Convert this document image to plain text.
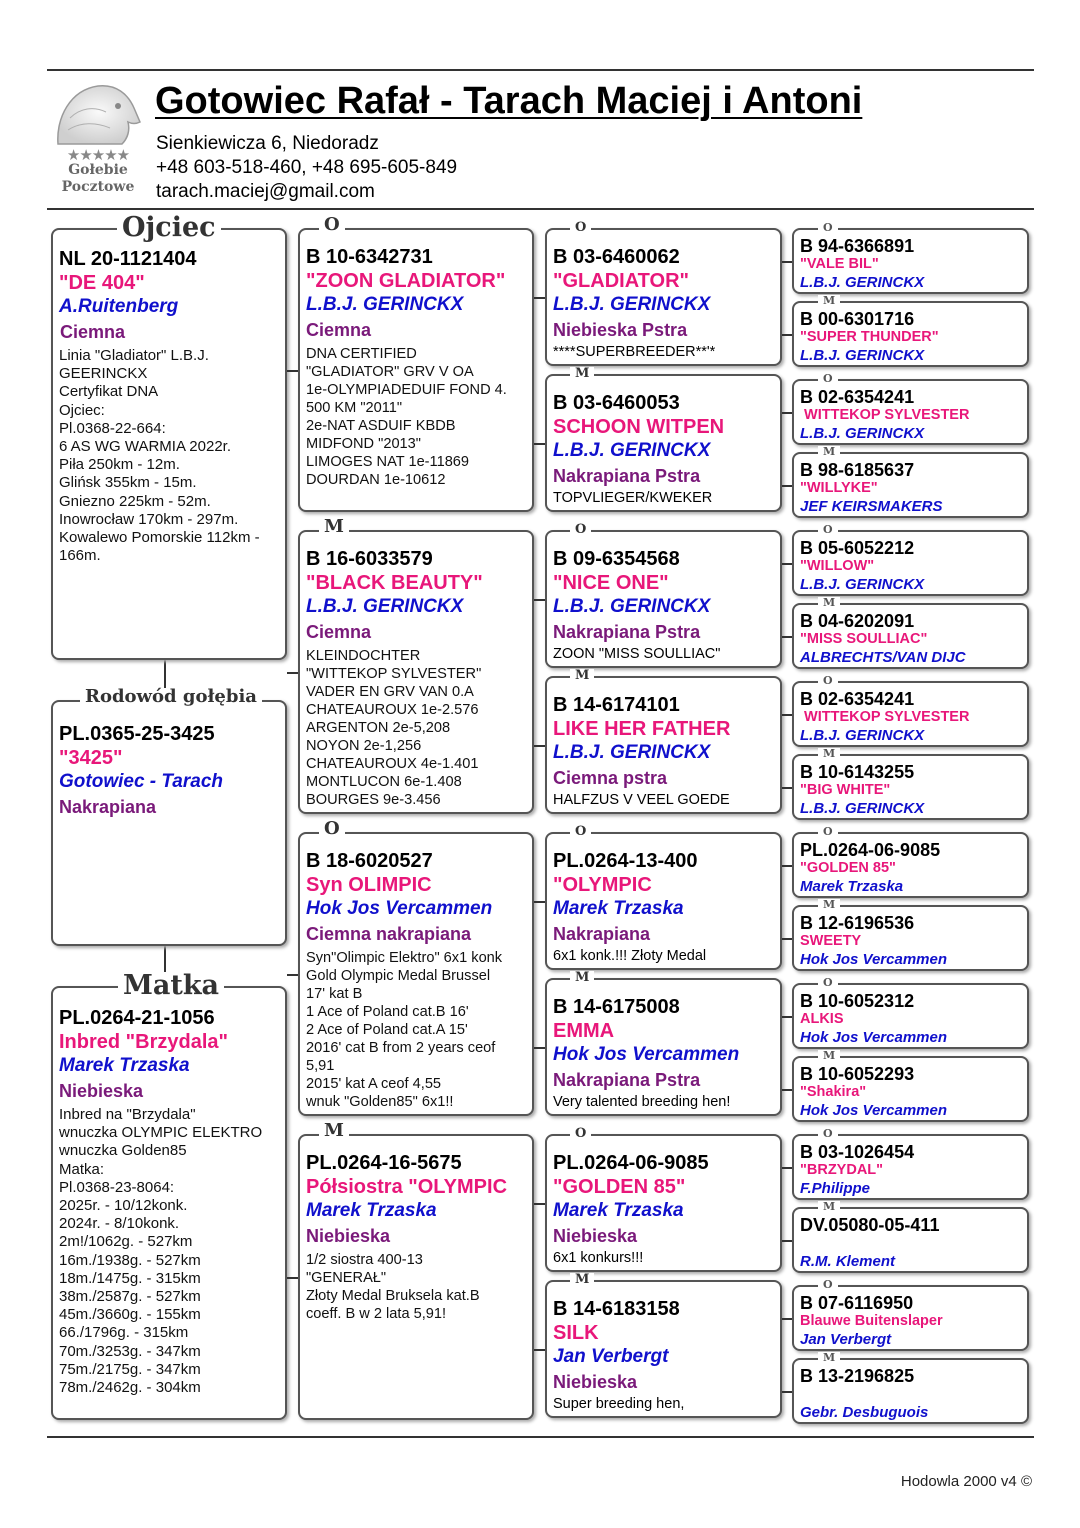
★★★★★
Gołebie
Pocztowe
Gotowiec Rafał - Tarach Maciej i Antoni
Sienkiewicza 6, Niedoradz
+48 603-518-460, +48 695-605-849
tarach.maciej@gmail.com
NL 20-1121404
"DE 404"
A.Ruitenberg
Ciemna
Linia "Gladiator" L.B.J.
GEERINCKX
Certyfikat DNA
Ojciec:
Pl.0368-22-664:
6 AS WG WARMIA 2022r.
Piła 250km - 12m.
Glińsk 355km - 15m.
Gniezno 225km - 52m.
Inowrocław 170km - 297m.
Kowalewo Pomorskie 112km -
166m.
Ojciec
PL.0365-25-3425
"3425"
Gotowiec - Tarach
Nakrapiana
Rodowód gołębia
PL.0264-21-1056
Inbred "Brzydala"
Marek Trzaska
Niebieska
Inbred na "Brzydala"
wnuczka OLYMPIC ELEKTRO
wnuczka Golden85
Matka:
Pl.0368-23-8064:
2025r. - 10/12konk.
2024r. - 8/10konk.
2m!/1062g. - 527km
16m./1938g. - 527km
18m./1475g. - 315km
38m./2587g. - 527km
45m./3660g. - 155km
66./1796g. - 315km
70m./3253g. - 347km
75m./2175g. - 347km
78m./2462g. - 304km
Matka
B 10-6342731
"ZOON GLADIATOR"
L.B.J. GERINCKX
Ciemna
DNA CERTIFIED
"GLADIATOR" GRV V OA
1e-OLYMPIADEDUIF FOND 4.
500 KM "2011"
2e-NAT ASDUIF KBDB
MIDFOND "2013"
LIMOGES NAT 1e-11869
DOURDAN 1e-10612
O
B 16-6033579
"BLACK BEAUTY"
L.B.J. GERINCKX
Ciemna
KLEINDOCHTER
"WITTEKOP SYLVESTER"
VADER EN GRV VAN 0.A
CHATEAUROUX 1e-2.576
ARGENTON 2e-5,208
NOYON 2e-1,256
CHATEAUROUX 4e-1.401
MONTLUCON 6e-1.408
BOURGES 9e-3.456
M
B 18-6020527
Syn OLIMPIC
Hok Jos Vercammen
Ciemna nakrapiana
Syn"Olimpic Elektro" 6x1 konk
Gold Olympic Medal Brussel
17' kat B
1 Ace of Poland cat.B 16'
2 Ace of Poland cat.A 15'
2016' cat B from 2 years ceof
5,91
2015' kat A ceof 4,55
wnuk "Golden85" 6x1!!
O
PL.0264-16-5675
Półsiostra "OLYMPIC
Marek Trzaska
Niebieska
1/2 siostra 400-13
"GENERAŁ"
Złoty Medal Bruksela kat.B
coeff. B w 2 lata 5,91!
M
B 03-6460062
"GLADIATOR"
L.B.J. GERINCKX
Niebieska Pstra
****SUPERBREEDER**'*
O
B 03-6460053
SCHOON WITPEN
L.B.J. GERINCKX
Nakrapiana Pstra
TOPVLIEGER/KWEKER
M
B 09-6354568
"NICE ONE"
L.B.J. GERINCKX
Nakrapiana Pstra
ZOON "MISS SOULLIAC"
O
B 14-6174101
LIKE HER FATHER
L.B.J. GERINCKX
Ciemna pstra
HALFZUS V VEEL GOEDE
M
PL.0264-13-400
"OLYMPIC
Marek Trzaska
Nakrapiana
6x1 konk.!!! Złoty Medal
O
B 14-6175008
EMMA
Hok Jos Vercammen
Nakrapiana Pstra
Very talented breeding hen!
M
PL.0264-06-9085
"GOLDEN 85"
Marek Trzaska
Niebieska
6x1 konkurs!!!
O
B 14-6183158
SILK
Jan Verbergt
Niebieska
Super breeding hen,
M
B 94-6366891
"VALE BIL"
L.B.J. GERINCKX
O
B 00-6301716
"SUPER THUNDER"
L.B.J. GERINCKX
M
B 02-6354241
WITTEKOP SYLVESTER
L.B.J. GERINCKX
O
B 98-6185637
"WILLYKE"
JEF KEIRSMAKERS
M
B 05-6052212
"WILLOW"
L.B.J. GERINCKX
O
B 04-6202091
"MISS SOULLIAC"
ALBRECHTS/VAN DIJC
M
B 02-6354241
WITTEKOP SYLVESTER
L.B.J. GERINCKX
O
B 10-6143255
"BIG WHITE"
L.B.J. GERINCKX
M
PL.0264-06-9085
"GOLDEN 85"
Marek Trzaska
O
B 12-6196536
SWEETY
Hok Jos Vercammen
M
B 10-6052312
ALKIS
Hok Jos Vercammen
O
B 10-6052293
"Shakira"
Hok Jos Vercammen
M
B 03-1026454
"BRZYDAL"
F.Philippe
O
DV.05080-05-411
R.M. Klement
M
B 07-6116950
Blauwe Buitenslaper
Jan Verbergt
O
B 13-2196825
Gebr. Desbuguois
M
Hodowla 2000 v4 ©
